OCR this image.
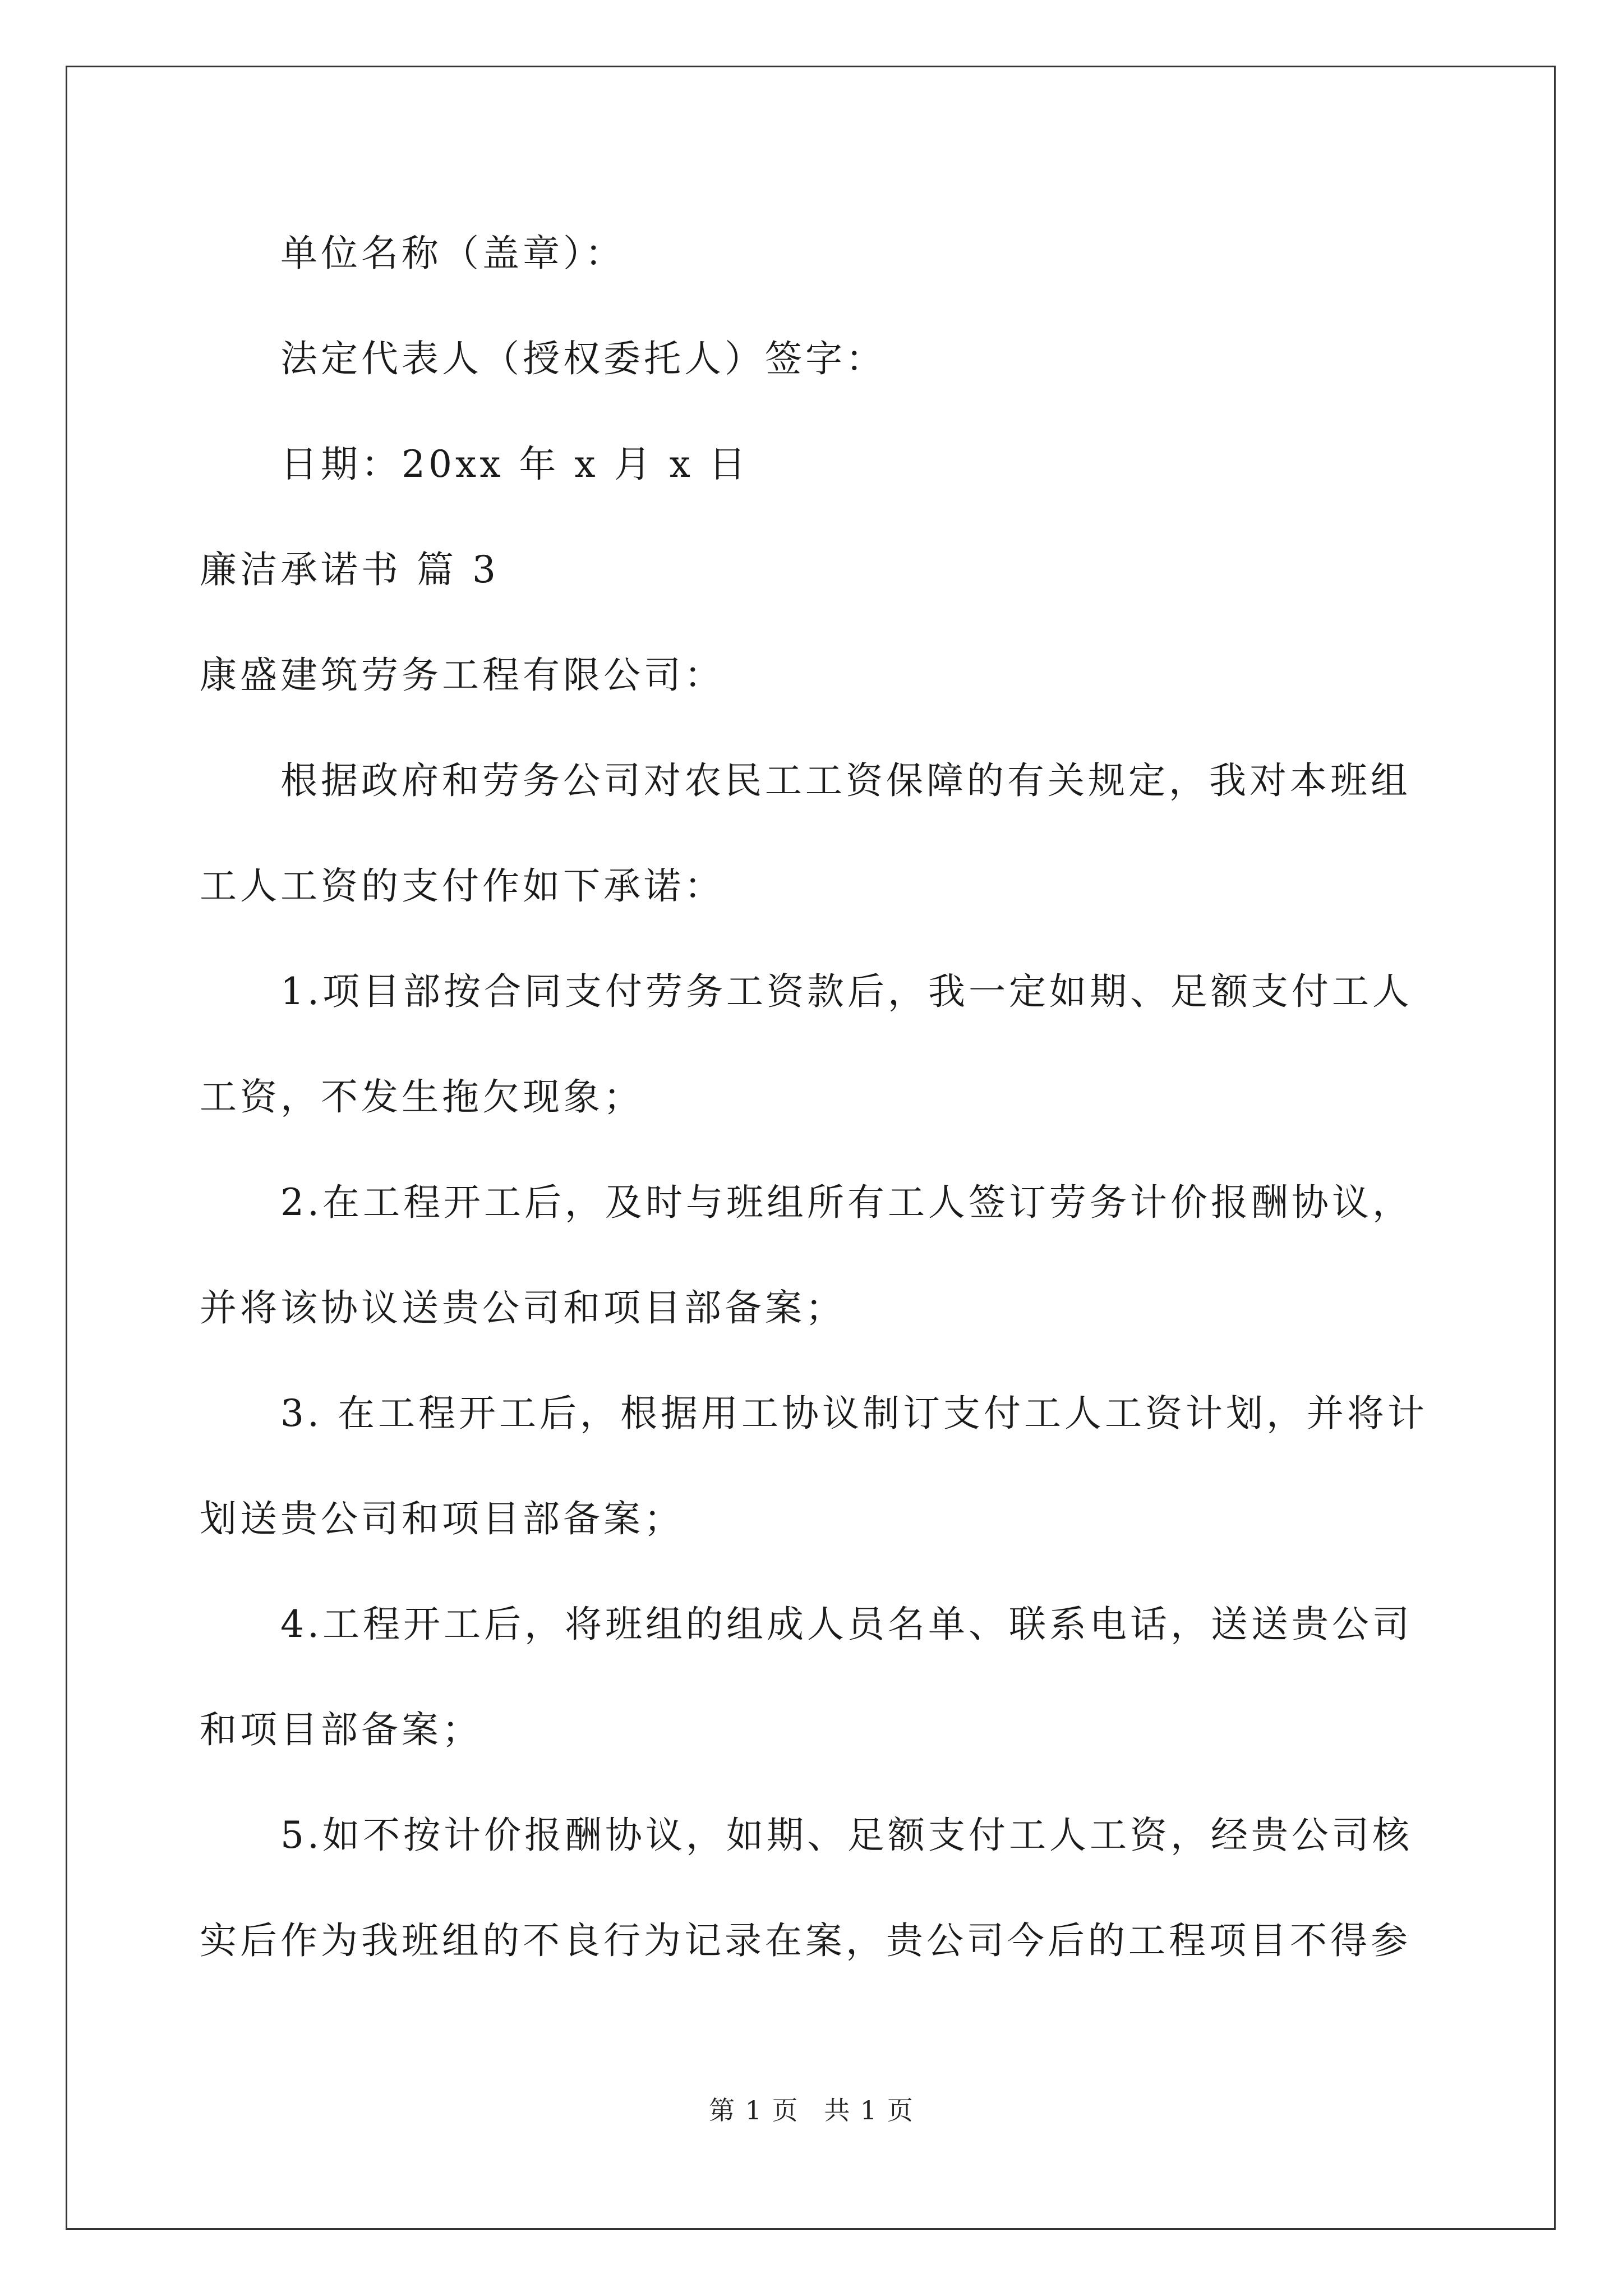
单位名称（盖章）：
法定代表人（授权委托人）签字：
日期：20xx 年 x 月 x 日
廉洁承诺书 篇 3
康盛建筑劳务工程有限公司：
根据政府和劳务公司对农民工工资保障的有关规定，我对本班组
工人工资的支付作如下承诺：
1.项目部按合同支付劳务工资款后，我一定如期、足额支付工人
工资，不发生拖欠现象；
2.在工程开工后，及时与班组所有工人签订劳务计价报酬协议，
并将该协议送贵公司和项目部备案；
3. 在工程开工后，根据用工协议制订支付工人工资计划，并将计
划送贵公司和项目部备案；
4.工程开工后，将班组的组成人员名单、联系电话，送送贵公司
和项目部备案；
5.如不按计价报酬协议，如期、足额支付工人工资，经贵公司核
实后作为我班组的不良行为记录在案，贵公司今后的工程项目不得参
第 1 页 共 1 页
